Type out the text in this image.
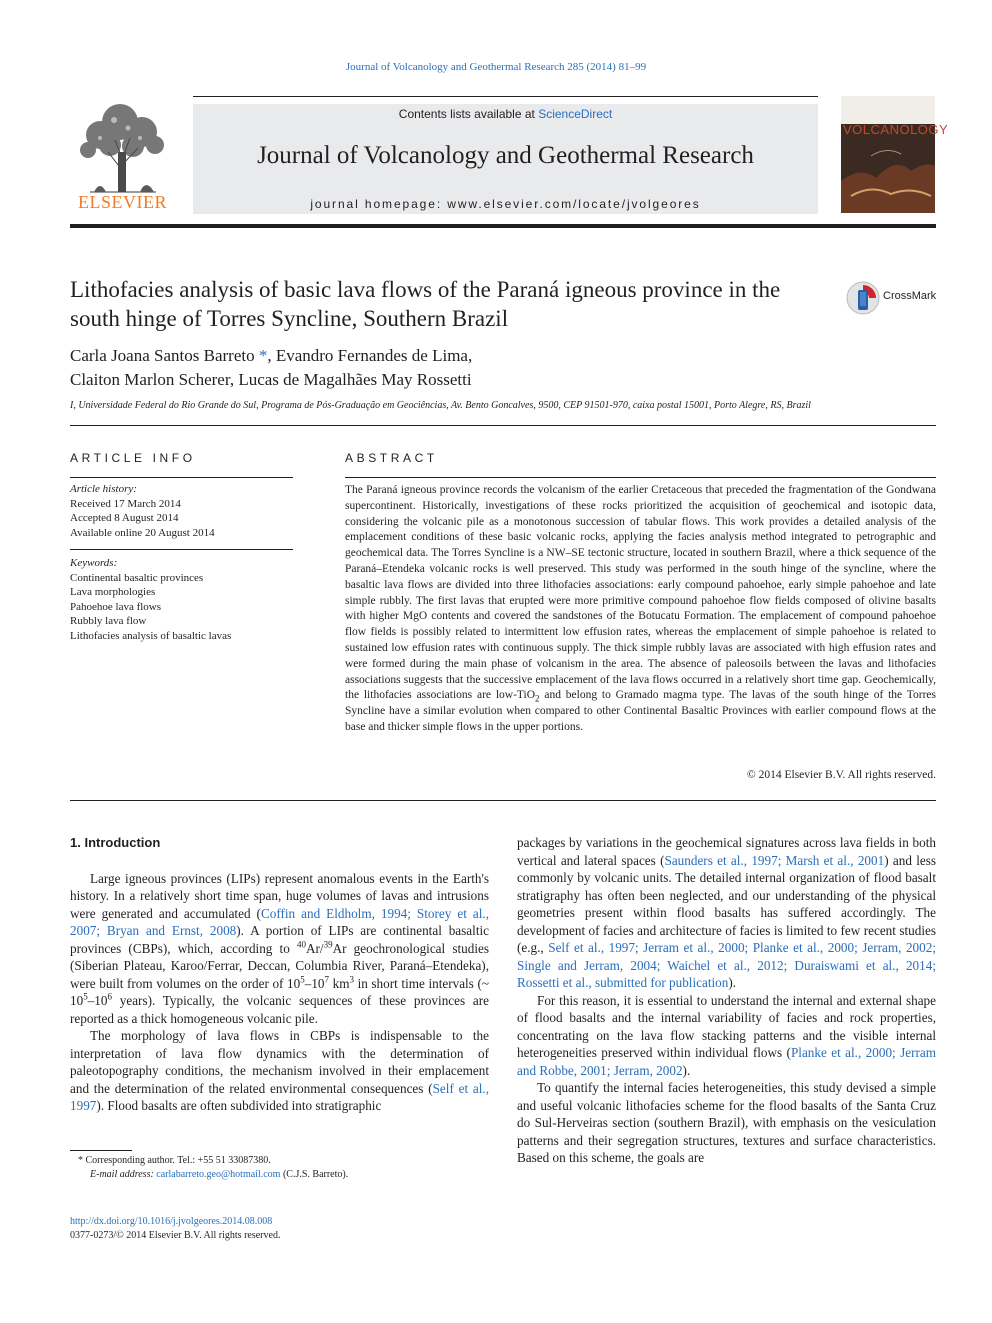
Journal of Volcanology and Geothermal Research 285 (2014) 81–99
ELSEVIER
Contents lists available at ScienceDirect
Journal of Volcanology and Geothermal Research
journal homepage: www.elsevier.com/locate/jvolgeores
VOLCANOLOGY
Lithofacies analysis of basic lava flows of the Paraná igneous province in the south hinge of Torres Syncline, Southern Brazil
CrossMark
Carla Joana Santos Barreto *, Evandro Fernandes de Lima,
Claiton Marlon Scherer, Lucas de Magalhães May Rossetti
I, Universidade Federal do Rio Grande do Sul, Programa de Pós-Graduação em Geociências, Av. Bento Goncalves, 9500, CEP 91501-970, caixa postal 15001, Porto Alegre, RS, Brazil
ARTICLE INFO
Article history:
Received 17 March 2014
Accepted 8 August 2014
Available online 20 August 2014
Keywords:
Continental basaltic provinces
Lava morphologies
Pahoehoe lava flows
Rubbly lava flow
Lithofacies analysis of basaltic lavas
ABSTRACT
The Paraná igneous province records the volcanism of the earlier Cretaceous that preceded the fragmentation of the Gondwana supercontinent. Historically, investigations of these rocks prioritized the acquisition of geochemical and isotopic data, considering the volcanic pile as a monotonous succession of tabular flows. This work provides a detailed analysis of the emplacement conditions of these basic volcanic rocks, applying the facies analysis method integrated to petrographic and geochemical data. The Torres Syncline is a NW–SE tectonic structure, located in southern Brazil, where a thick sequence of the Paraná–Etendeka volcanic rocks is well preserved. This study was performed in the south hinge of the syncline, where the basaltic lava flows are divided into three lithofacies associations: early compound pahoehoe, early simple pahoehoe and late simple rubbly. The first lavas that erupted were more primitive compound pahoehoe flow fields composed of olivine basalts with higher MgO contents and covered the sandstones of the Botucatu Formation. The emplacement of compound pahoehoe flow fields is possibly related to intermittent low effusion rates, whereas the emplacement of simple pahoehoe is related to sustained low effusion rates with continuous supply. The thick simple rubbly lavas are associated with high effusion rates and were formed during the main phase of volcanism in the area. The absence of paleosoils between the lavas and lithofacies associations suggests that the successive emplacement of the lava flows occurred in a relatively short time gap. Geochemically, the lithofacies associations are low-TiO$_2$ and belong to Gramado magma type. The lavas of the south hinge of the Torres Syncline have a similar evolution when compared to other Continental Basaltic Provinces with earlier compound flows at the base and thicker simple flows in the upper portions.
© 2014 Elsevier B.V. All rights reserved.

1. Introduction

Large igneous provinces (LIPs) represent anomalous events in the Earth's history. In a relatively short time span, huge volumes of lavas and intrusions were generated and accumulated (Coffin and Eldholm, 1994; Storey et al., 2007; Bryan and Ernst, 2008). A portion of LIPs are continental basaltic provinces (CBPs), which, according to $^{40}$Ar/$^{39}$Ar geochronological studies (Siberian Plateau, Karoo/Ferrar, Deccan, Columbia River, Paraná–Etendeka), were built from volumes on the order of $10^5-10^7$ $km^3$ in short time intervals (~ $10^5-10^6$ years). Typically, the volcanic sequences of these provinces are reported as a thick homogeneous volcanic pile.

The morphology of lava flows in CBPs is indispensable to the interpretation of lava flow dynamics with the determination of paleotopography conditions, the mechanism involved in their emplacement and the determination of the related environmental consequences (Self et al., 1997). Flood basalts are often subdivided into stratigraphic

packages by variations in the geochemical signatures across lava fields in both vertical and lateral spaces (Saunders et al., 1997; Marsh et al., 2001) and less commonly by volcanic units. The detailed internal organization of flood basalt stratigraphy has often been neglected, and our understanding of the physical geometries present within flood basalts has suffered accordingly. The development of facies and architecture of facies is limited to few recent studies (e.g., Self et al., 1997; Jerram et al., 2000; Planke et al., 2000; Jerram, 2002; Single and Jerram, 2004; Waichel et al., 2012; Duraiswami et al., 2014; Rossetti et al., submitted for publication).

For this reason, it is essential to understand the internal and external shape of flood basalts and the internal variability of facies and rock properties, concentrating on the lava flow stacking patterns and the visible internal heterogeneities preserved within individual flows (Planke et al., 2000; Jerram and Robbe, 2001; Jerram, 2002).

To quantify the internal facies heterogeneities, this study devised a simple and useful volcanic lithofacies scheme for the flood basalts of the Santa Cruz do Sul-Herveiras section (southern Brazil), with emphasis on the vesiculation patterns and their segregation structures, textures and surface characteristics. Based on this scheme, the goals are

* Corresponding author. Tel.: +55 51 33087380.
E-mail address: carlabarreto.geo@hotmail.com (C.J.S. Barreto).
http://dx.doi.org/10.1016/j.jvolgeores.2014.08.008
0377-0273/© 2014 Elsevier B.V. All rights reserved.
